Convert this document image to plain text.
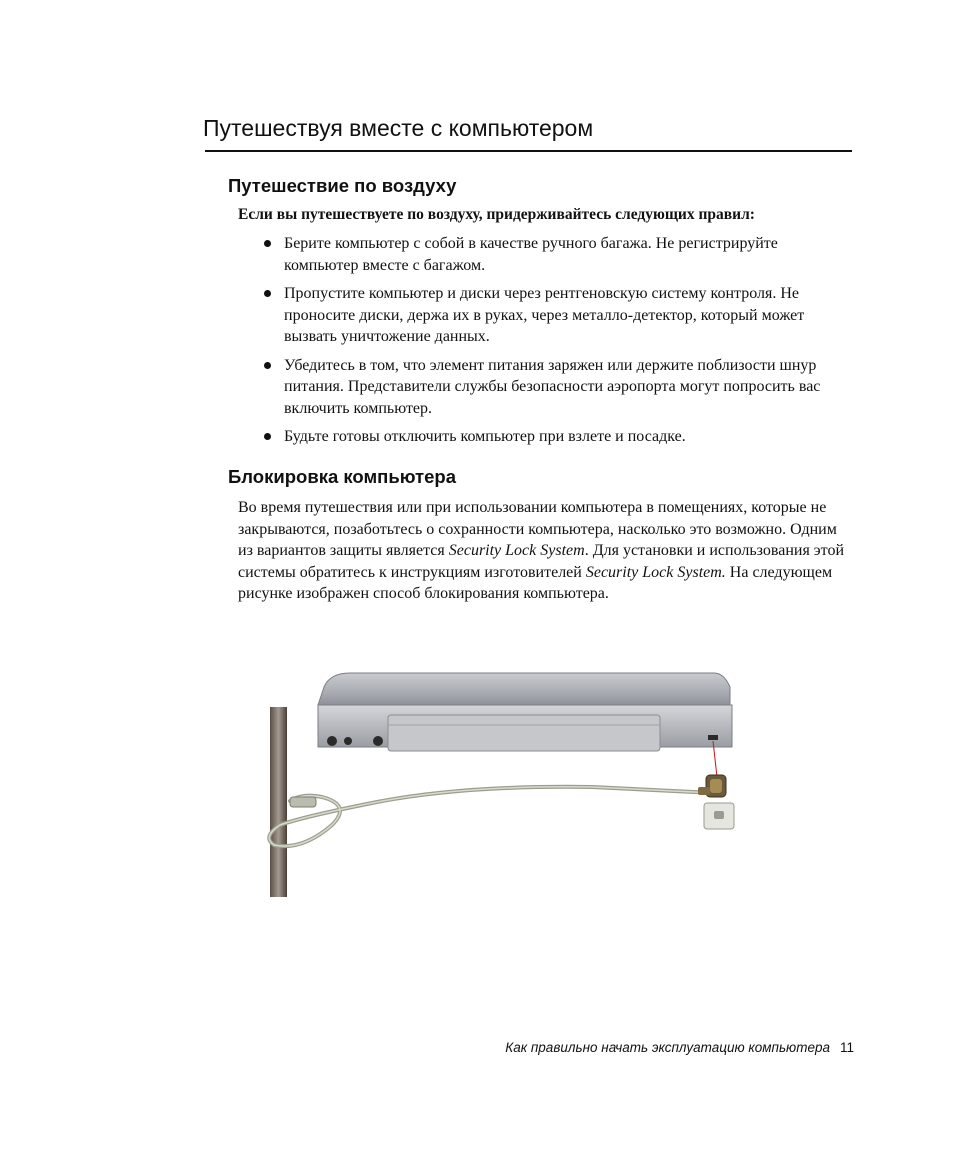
Путешествуя вместе с компьютером
Путешествие по воздуху

Если вы путешествуете по воздуху, придерживайтесь следующих правил:

Берите компьютер с собой в качестве ручного багажа. Не регистрируйте компьютер вместе с багажом.
Пропустите компьютер и диски через рентгеновскую систему контроля. Не проносите диски, держа их в руках, через металло-детектор, который может вызвать уничтожение данных.
Убедитесь в том, что элемент питания заряжен или держите поблизости шнур питания. Представители службы безопасности аэропорта могут попросить вас включить компьютер.
Будьте готовы отключить компьютер при взлете и посадке.
Блокировка компьютера

Во время путешествия или при использовании компьютера в помещениях, которые не закрываются, позаботьтесь о сохранности компьютера, насколько это возможно. Одним из вариантов защиты является Security Lock System. Для установки и использования этой системы обратитесь к инструкциям изготовителей Security Lock System. На следующем рисунке изображен способ блокирования компьютера.

Как правильно начать эксплуатацию компьютера 11
